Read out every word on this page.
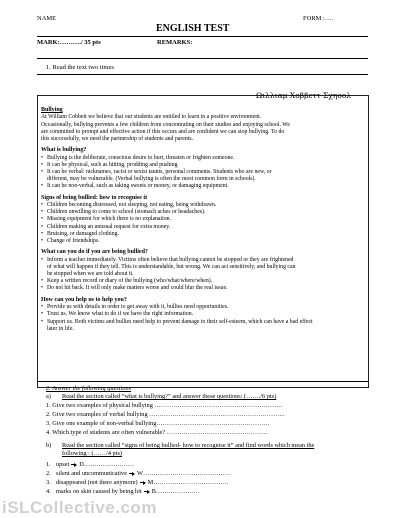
NAME	FORM :….
ENGLISH TEST
MARK:………./ 35 pts	REMARKS:
1. Read the text two times
Ωιλλιαμ Χοββεττ Σχηοολ
Bullying
At William Cobbett we believe that our students are entitled to learn in a positive environment.
Occasionally, bullying prevents a few children from concentrating on their studies and enjoying school. We
are committed to prompt and effective action if this occurs and are confident we can stop bullying. To do
this successfully, we need the partnership of students and parents.
What is bullying?
• Bullying is the deliberate, conscious desire to hurt, threaten or frighten someone.
• It can be physical, such as hitting, prodding and pushing
• It can be verbal: nicknames, racist or sexist taunts, personal comments. Students who are new, or
different, may be vulnerable. (Verbal bullying is often the most common form in schools).
• It can be non-verbal, such as taking sweets or money, or damaging equipment.
Signs of being bullied: how to recognise it
• Children becoming distressed, not sleeping, not eating, being withdrawn.
• Children unwilling to come to school (stomach aches or headaches).
• Missing equipment for which there is no explanation.
• Children making an unusual request for extra money.
• Bruising, or damaged clothing.
• Change of friendships.
What can you do if you are being bullied?
• Inform a teacher immediately. Victims often believe that bullying cannot be stopped or they are frightened
of what will happen if they tell. This is understandable, but wrong. We can act sensitively, and bullying can
be stopped when we are told about it.
• Keep a written record or diary of the bullying (who/what/where/when).
• Do not hit back. It will only make matters worse and could blur the real issue.
How can you help us to help you?
• Provide us with details in order to get away with it, bullies need opportunities.
• Trust us. We know what to do if we have the right information.
• Support us. Both victims and bullies need help to prevent damage to their self-esteem, which can have a bad effect
later in life.
2. Answer the following questions
a) Read the section called “what is bullying?” and answer these questions: (……./6 pts)
1. Give two examples of physical bullying …………………………………………………….
2. Give two examples of verbal bullying ………………………………………………………..
3. Give one example of non-verbal bullying………………………………………………
4. Which type of students are often vulnerable? …………………………………………
b) Read the section called “signs of being bullied- how to recognise it” and find words which mean the
following : (……/4 pts)
1. upset D……………………
2. silent and uncommunicative W……………………………………
3. disappeared (not there anymore) M………………………………
4. marks on skin caused by being hit B…………………
iSLCollective.com
